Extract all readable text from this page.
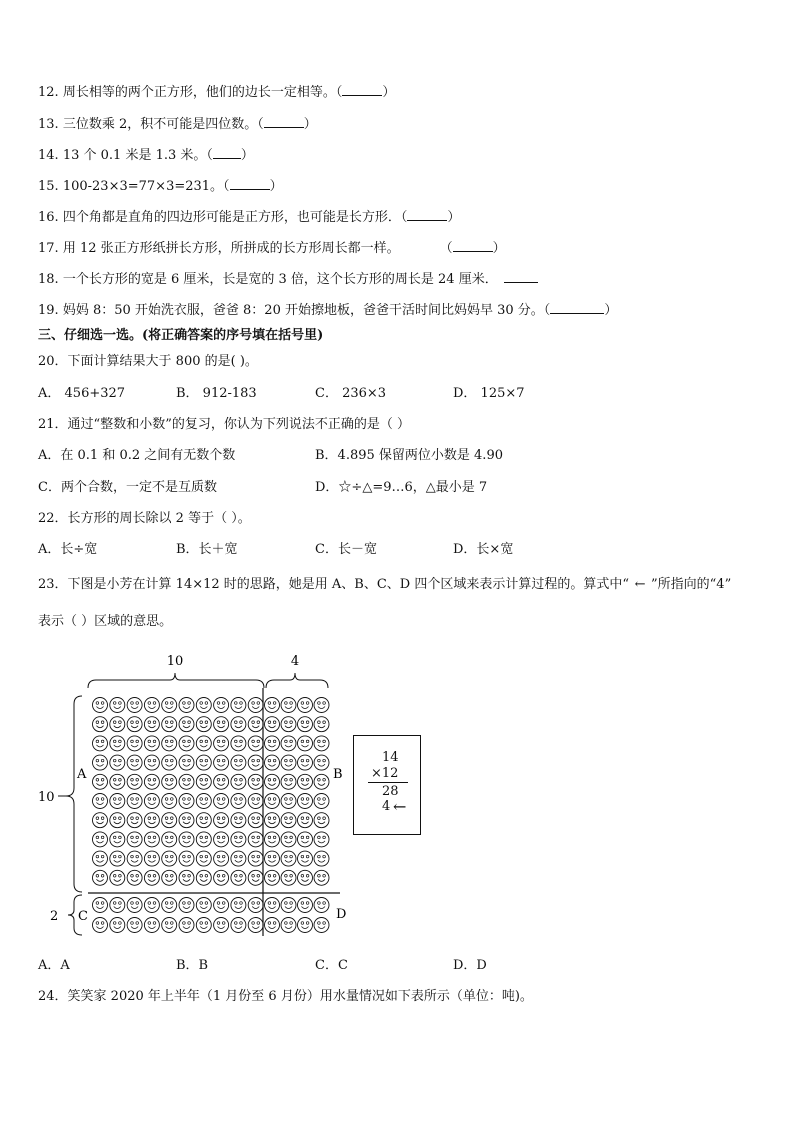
12. 周长相等的两个正方形，他们的边长一定相等。（	）
13. 三位数乘 2，积不可能是四位数。（	）
14. 13 个 0.1 米是 1.3 米。（ ）
15. 100-23×3=77×3=231。（	）
16. 四个角都是直角的四边形可能是正方形，也可能是长方形．（	）
17. 用 12 张正方形纸拼长方形，所拼成的长方形周长都一样。	（	）
18. 一个长方形的宽是 6 厘米，长是宽的 3 倍，这个长方形的周长是 24 厘米．
19. 妈妈 8：50 开始洗衣服，爸爸 8：20 开始擦地板，爸爸干活时间比妈妈早 30 分。（	）
三、仔细选一选。(将正确答案的序号填在括号里)
20．下面计算结果大于 800 的是( )。
A． 456+327	B． 912-183	C． 236×3	D． 125×7
21．通过“整数和小数”的复习，你认为下列说法不正确的是（ ）
A．在 0.1 和 0.2 之间有无数个数	B．4.895 保留两位小数是 4.90
C．两个合数，一定不是互质数	D．☆÷△=9…6，△最小是 7
22．长方形的周长除以 2 等于（ ）。
A．长÷宽	B．长＋宽	C．长－宽	D．长×宽
23．下图是小芳在计算 14×12 时的思路，她是用 A、B、C、D 四个区域来表示计算过程的。算式中“ ← ”所指向的“4”
表示（ ）区域的意思。
10	4
10
2
A	B
C	D
14
×12
28
4 ←
A．A	B．B	C．C	D．D
24．笑笑家 2020 年上半年（1 月份至 6 月份）用水量情况如下表所示（单位：吨)。
